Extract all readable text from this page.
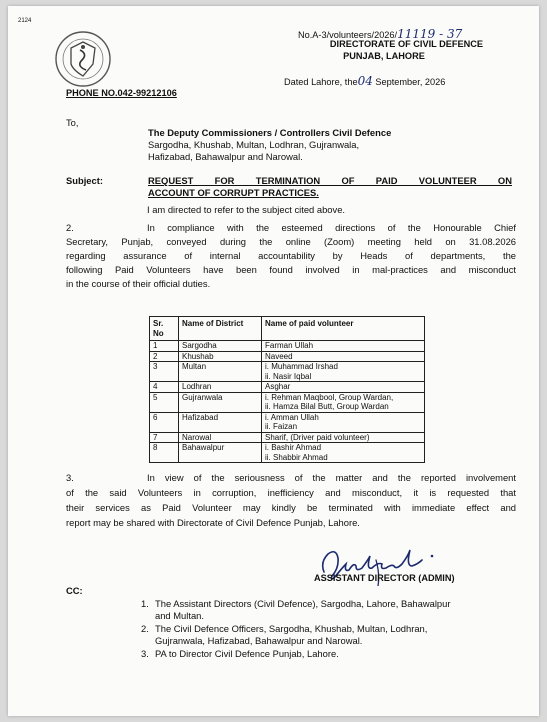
2124
No.A-3/volunteers/2026/11119 - 37
DIRECTORATE OF CIVIL DEFENCE
PUNJAB, LAHORE
Dated Lahore, the04 September, 2026
PHONE NO.042-99212106
To,
The Deputy Commissioners / Controllers Civil Defence
Sargodha, Khushab, Multan, Lodhran, Gujranwala,
Hafizabad, Bahawalpur and Narowal.
Subject:	REQUEST FOR TERMINATION OF PAID VOLUNTEER ON
ACCOUNT OF CORRUPT PRACTICES.
I am directed to refer to the subject cited above.
2.	In compliance with the esteemed directions of the Honourable Chief
Secretary, Punjab, conveyed during the online (Zoom) meeting held on 31.08.2026
regarding assurance of internal accountability by Heads of departments, the
following Paid Volunteers have been found involved in mal-practices and misconduct
in the course of their official duties.
Sr. No	Name of District	Name of paid volunteer
1	Sargodha	Farman Ullah

2	Khushab	Naveed

3	Multan	i. Muhammad Irshad
ii. Nasir Iqbal

4	Lodhran	Asghar

5	Gujranwala	i. Rehman Maqbool, Group Wardan,
ii. Hamza Bilal Butt, Group Wardan

6	Hafizabad	i. Amman Ullah
ii. Faizan

7	Narowal	Sharif, (Driver paid volunteer)

8	Bahawalpur	i. Bashir Ahmad
ii. Shabbir Ahmad
3.	In view of the seriousness of the matter and the reported involvement
of the said Volunteers in corruption, inefficiency and misconduct, it is requested that
their services as Paid Volunteer may kindly be terminated with immediate effect and
report may be shared with Directorate of Civil Defence Punjab, Lahore.
ASSISTANT DIRECTOR (ADMIN)
CC:
1. The Assistant Directors (Civil Defence), Sargodha, Lahore, Bahawalpur
and Multan.
2. The Civil Defence Officers, Sargodha, Khushab, Multan, Lodhran,
Gujranwala, Hafizabad, Bahawalpur and Narowal.
3. PA to Director Civil Defence Punjab, Lahore.
